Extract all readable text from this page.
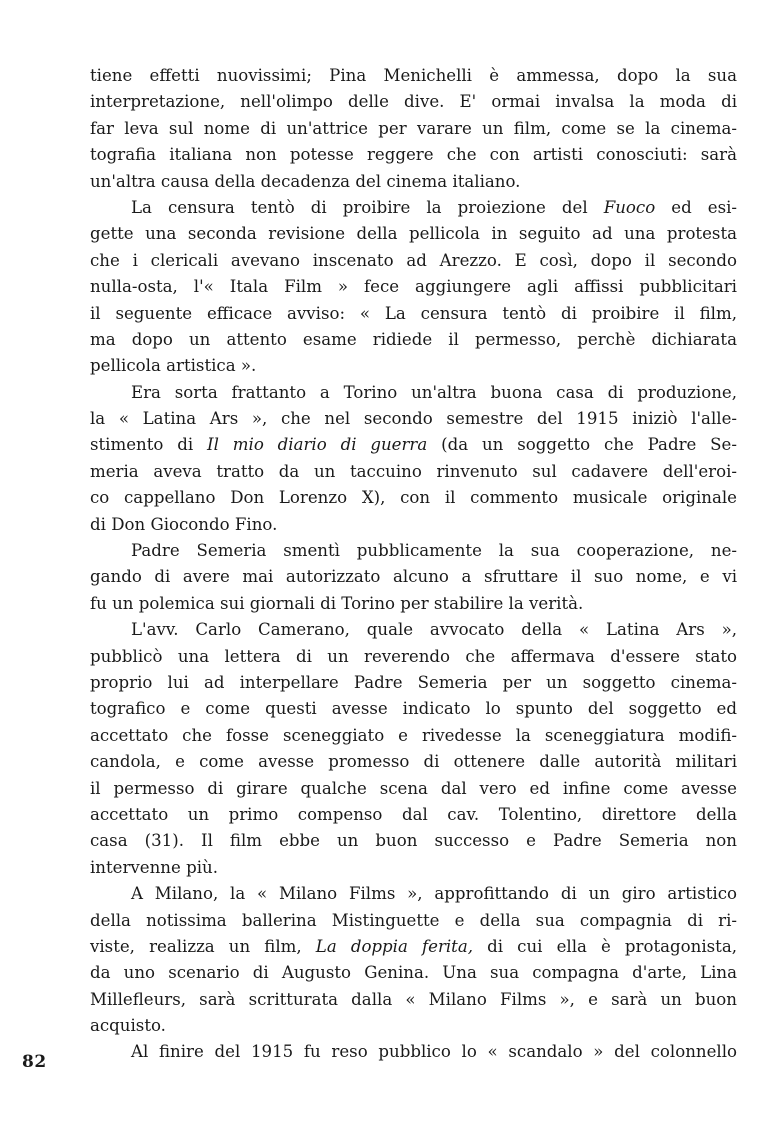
tiene effetti nuovissimi; Pina Menichelli è ammessa, dopo la sua
interpretazione, nell'olimpo delle dive. E' ormai invalsa la moda di
far leva sul nome di un'attrice per varare un film, come se la cinema-
tografia italiana non potesse reggere che con artisti conosciuti: sarà
un'altra causa della decadenza del cinema italiano.
La censura tentò di proibire la proiezione del Fuoco ed esi-
gette una seconda revisione della pellicola in seguito ad una protesta
che i clericali avevano inscenato ad Arezzo. E così, dopo il secondo
nulla-osta, l'« Itala Film » fece aggiungere agli affissi pubblicitari
il seguente efficace avviso: « La censura tentò di proibire il film,
ma dopo un attento esame ridiede il permesso, perchè dichiarata
pellicola artistica ».
Era sorta frattanto a Torino un'altra buona casa di produzione,
la « Latina Ars », che nel secondo semestre del 1915 iniziò l'alle-
stimento di Il mio diario di guerra (da un soggetto che Padre Se-
meria aveva tratto da un taccuino rinvenuto sul cadavere dell'eroi-
co cappellano Don Lorenzo X), con il commento musicale originale
di Don Giocondo Fino.
Padre Semeria smentì pubblicamente la sua cooperazione, ne-
gando di avere mai autorizzato alcuno a sfruttare il suo nome, e vi
fu un polemica sui giornali di Torino per stabilire la verità.
L'avv. Carlo Camerano, quale avvocato della « Latina Ars »,
pubblicò una lettera di un reverendo che affermava d'essere stato
proprio lui ad interpellare Padre Semeria per un soggetto cinema-
tografico e come questi avesse indicato lo spunto del soggetto ed
accettato che fosse sceneggiato e rivedesse la sceneggiatura modifi-
candola, e come avesse promesso di ottenere dalle autorità militari
il permesso di girare qualche scena dal vero ed infine come avesse
accettato un primo compenso dal cav. Tolentino, direttore della
casa (31). Il film ebbe un buon successo e Padre Semeria non
intervenne più.
A Milano, la « Milano Films », approfittando di un giro artistico
della notissima ballerina Mistinguette e della sua compagnia di ri-
viste, realizza un film, La doppia ferita, di cui ella è protagonista,
da uno scenario di Augusto Genina. Una sua compagna d'arte, Lina
Millefleurs, sarà scritturata dalla « Milano Films », e sarà un buon
acquisto.
Al finire del 1915 fu reso pubblico lo « scandalo » del colonnello
82
